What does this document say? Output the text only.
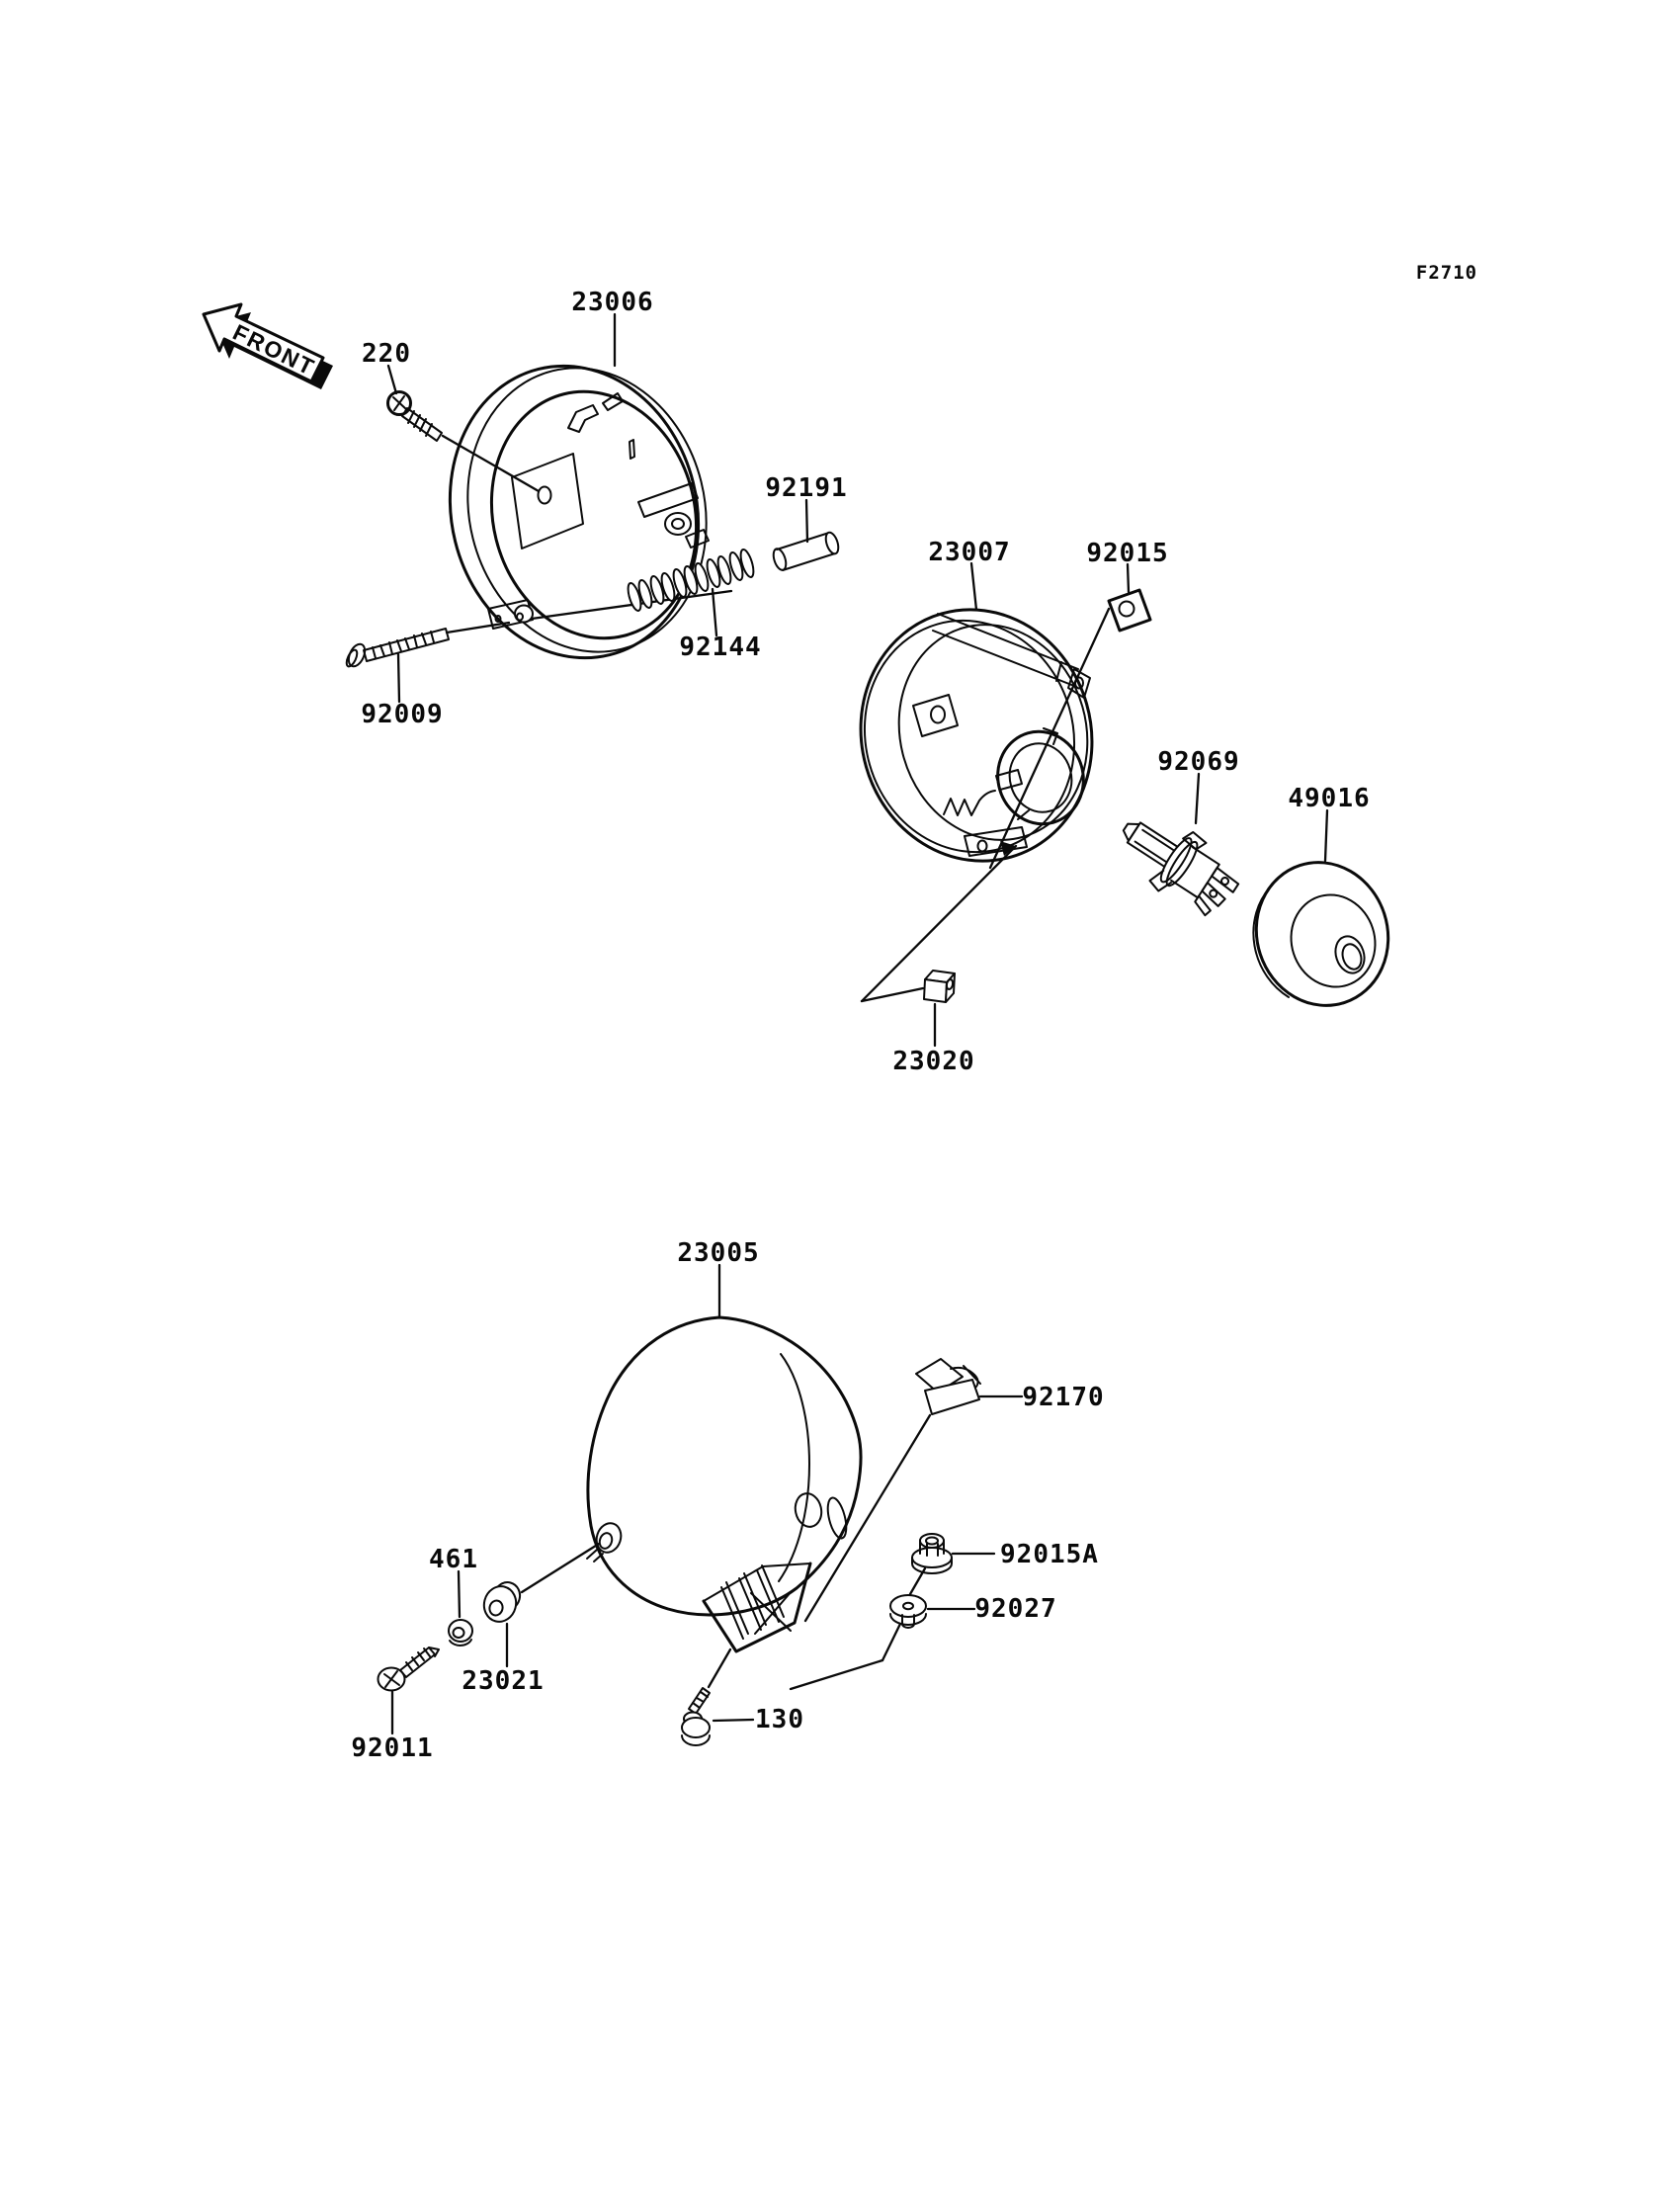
F2710
FRONT
23006
220
92009
92144
92191
23007	92015
23020
92069
49016
23005
92170
92015A
92027
461
23021
92011
130
